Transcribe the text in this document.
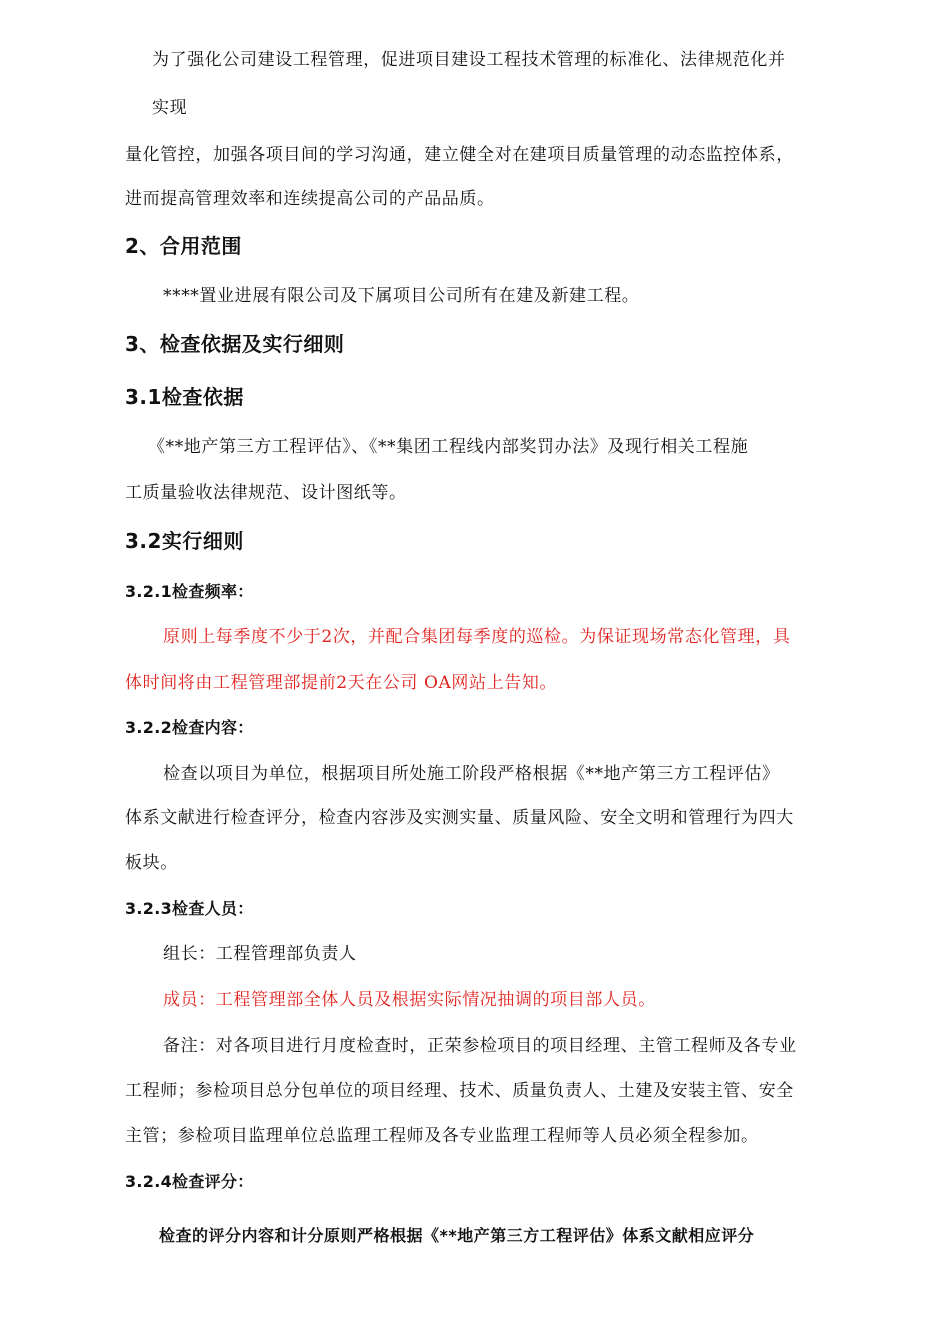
为了强化公司建设工程管理，促进项目建设工程技术管理的标准化、法律规范化并
实现
量化管控，加强各项目间的学习沟通，建立健全对在建项目质量管理的动态监控体系，
进而提高管理效率和连续提高公司的产品品质。
2、合用范围
****置业进展有限公司及下属项目公司所有在建及新建工程。
3、检查依据及实行细则
3.1检查依据
《**地产第三方工程评估》、《**集团工程线内部奖罚办法》及现行相关工程施
工质量验收法律规范、设计图纸等。
3.2实行细则
3.2.1检查频率：
原则上每季度不少于2次，并配合集团每季度的巡检。为保证现场常态化管理，具
体时间将由工程管理部提前2天在公司 OA网站上告知。
3.2.2检查内容：
检查以项目为单位，根据项目所处施工阶段严格根据《**地产第三方工程评估》
体系文献进行检查评分，检查内容涉及实测实量、质量风险、安全文明和管理行为四大
板块。
3.2.3检查人员：
组长：工程管理部负责人
成员：工程管理部全体人员及根据实际情况抽调的项目部人员。
备注：对各项目进行月度检查时，正荣参检项目的项目经理、主管工程师及各专业
工程师；参检项目总分包单位的项目经理、技术、质量负责人、土建及安装主管、安全
主管；参检项目监理单位总监理工程师及各专业监理工程师等人员必须全程参加。
3.2.4检查评分：
检查的评分内容和计分原则严格根据《**地产第三方工程评估》体系文献相应评分
